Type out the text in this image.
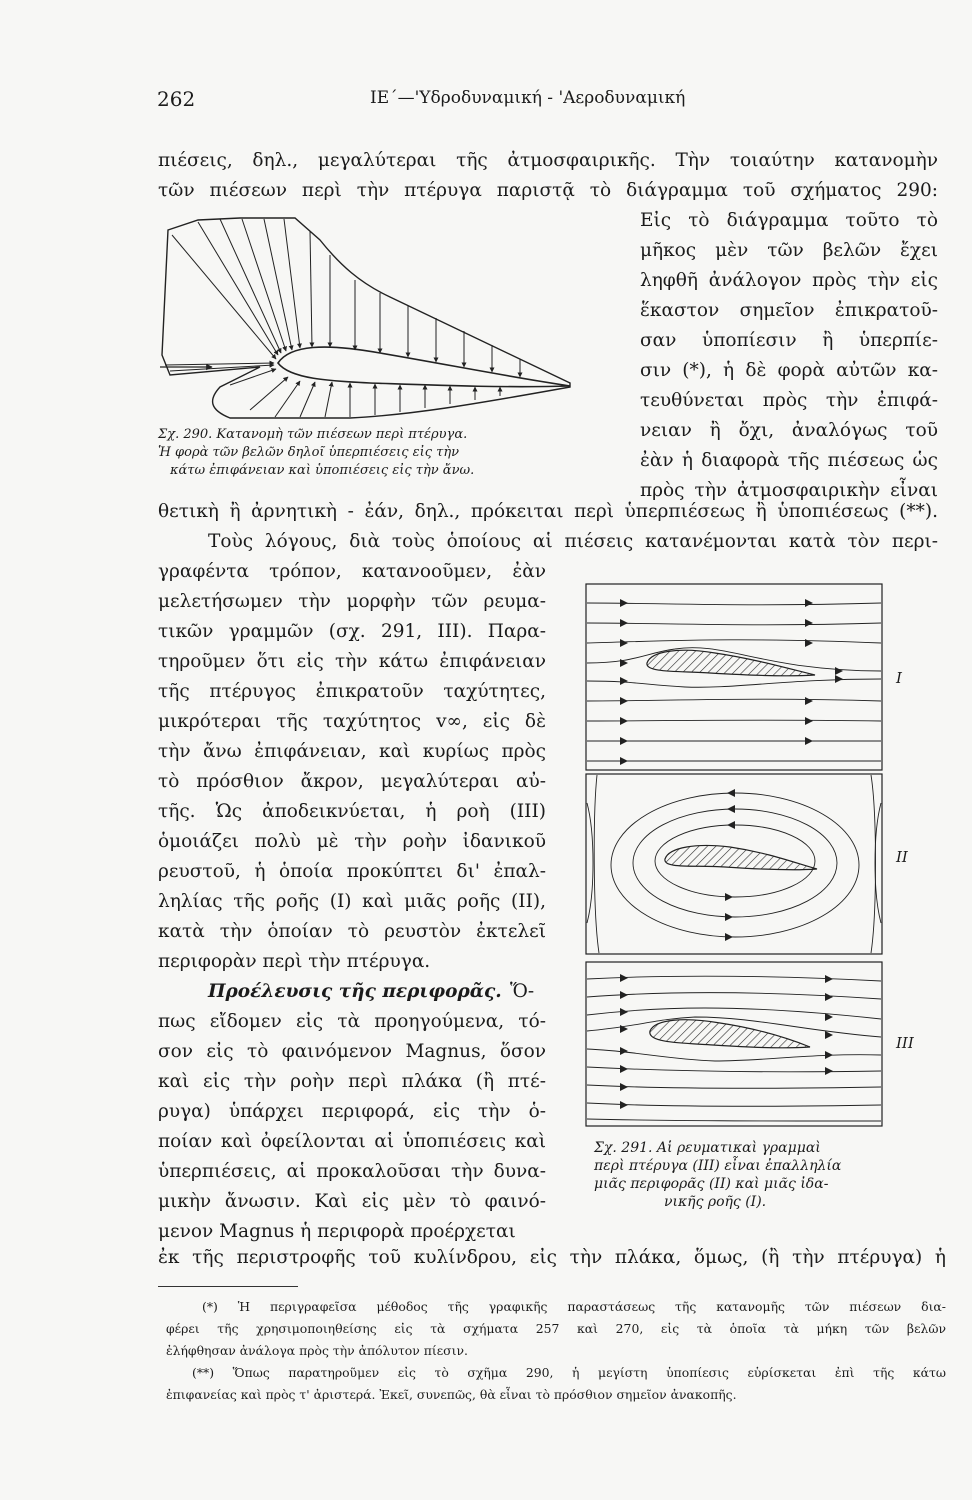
262	ΙΕ΄—'Υδροδυναμική - 'Αεροδυναμική
πιέσεις, δηλ., μεγαλύτεραι τῆς ἀτμοσφαιρικῆς. Τὴν τοιαύτην κατανομὴν
τῶν πιέσεων περὶ τὴν πτέρυγα παριστᾷ τὸ διάγραμμα τοῦ σχήματος 290:
Εἰς τὸ διάγραμμα τοῦτο τὸ
μῆκος μὲν τῶν βελῶν ἔχει
ληφθῆ ἀνάλογον πρὸς τὴν εἰς
ἕκαστον σημεῖον ἐπικρατοῦ-
σαν ὑποπίεσιν ἢ ὑπερπίε-
σιν (*), ἡ δὲ φορὰ αὐτῶν κα-
τευθύνεται πρὸς τὴν ἐπιφά-
νειαν ἢ ὄχι, ἀναλόγως τοῦ
ἐὰν ἡ διαφορὰ τῆς πιέσεως ὡς
πρὸς τὴν ἀτμοσφαιρικὴν εἶναι
Σχ. 290. Κατανομὴ τῶν πιέσεων περὶ πτέρυγα.
Ἡ φορὰ τῶν βελῶν δηλοῖ ὑπερπιέσεις εἰς τὴν
κάτω ἐπιφάνειαν καὶ ὑποπιέσεις εἰς τὴν ἄνω.
θετικὴ ἢ ἀρνητικὴ - ἐάν, δηλ., πρόκειται περὶ ὑπερπιέσεως ἢ ὑποπιέσεως (**).
Τοὺς λόγους, διὰ τοὺς ὁποίους αἱ πιέσεις κατανέμονται κατὰ τὸν περι-
γραφέντα τρόπον, κατανοοῦμεν, ἐὰν
μελετήσωμεν τὴν μορφὴν τῶν ρευμα-
τικῶν γραμμῶν (σχ. 291, III). Παρα-
τηροῦμεν ὅτι εἰς τὴν κάτω ἐπιφάνειαν
τῆς πτέρυγος ἐπικρατοῦν ταχύτητες,
μικρότεραι τῆς ταχύτητος v∞, εἰς δὲ
τὴν ἄνω ἐπιφάνειαν, καὶ κυρίως πρὸς
τὸ πρόσθιον ἄκρον, μεγαλύτεραι αὐ-
τῆς. Ὡς ἀποδεικνύεται, ἡ ροὴ (III)
ὁμοιάζει πολὺ μὲ τὴν ροὴν ἰδανικοῦ
ρευστοῦ, ἡ ὁποία προκύπτει δι' ἐπαλ-
ληλίας τῆς ροῆς (I) καὶ μιᾶς ροῆς (II),
κατὰ τὴν ὁποίαν τὸ ρευστὸν ἐκτελεῖ
περιφορὰν περὶ τὴν πτέρυγα.
Προέλευσις τῆς περιφορᾶς. Ὅ-
πως εἴδομεν εἰς τὰ προηγούμενα, τό-
σον εἰς τὸ φαινόμενον Magnus, ὅσον
καὶ εἰς τὴν ροὴν περὶ πλάκα (ἢ πτέ-
ρυγα) ὑπάρχει περιφορά, εἰς τὴν ὁ-
ποίαν καὶ ὀφείλονται αἱ ὑποπιέσεις καὶ
ὑπερπιέσεις, αἱ προκαλοῦσαι τὴν δυνα-
μικὴν ἄνωσιν. Καὶ εἰς μὲν τὸ φαινό-
μενον Magnus ἡ περιφορὰ προέρχεται
I
II
III
Σχ. 291. Αἱ ρευματικαὶ γραμμαὶ
περὶ πτέρυγα (III) εἶναι ἐπαλληλία
μιᾶς περιφορᾶς (II) καὶ μιᾶς ἰδα-
νικῆς ροῆς (I).
ἐκ τῆς περιστροφῆς τοῦ κυλίνδρου, εἰς τὴν πλάκα, ὅμως, (ἢ τὴν πτέρυγα) ἡ
(*) Ἡ περιγραφεῖσα μέθοδος τῆς γραφικῆς παραστάσεως τῆς κατανομῆς τῶν πιέσεων δια-
φέρει τῆς χρησιμοποιηθείσης εἰς τὰ σχήματα 257 καὶ 270, εἰς τὰ ὁποῖα τὰ μήκη τῶν βελῶν
ἐλήφθησαν ἀνάλογα πρὸς τὴν ἀπόλυτον πίεσιν.
(**) Ὅπως παρατηροῦμεν εἰς τὸ σχῆμα 290, ἡ μεγίστη ὑποπίεσις εὑρίσκεται ἐπὶ τῆς κάτω
ἐπιφανείας καὶ πρὸς τ' ἀριστερά. Ἐκεῖ, συνεπῶς, θὰ εἶναι τὸ πρόσθιον σημεῖον ἀνακοπῆς.
